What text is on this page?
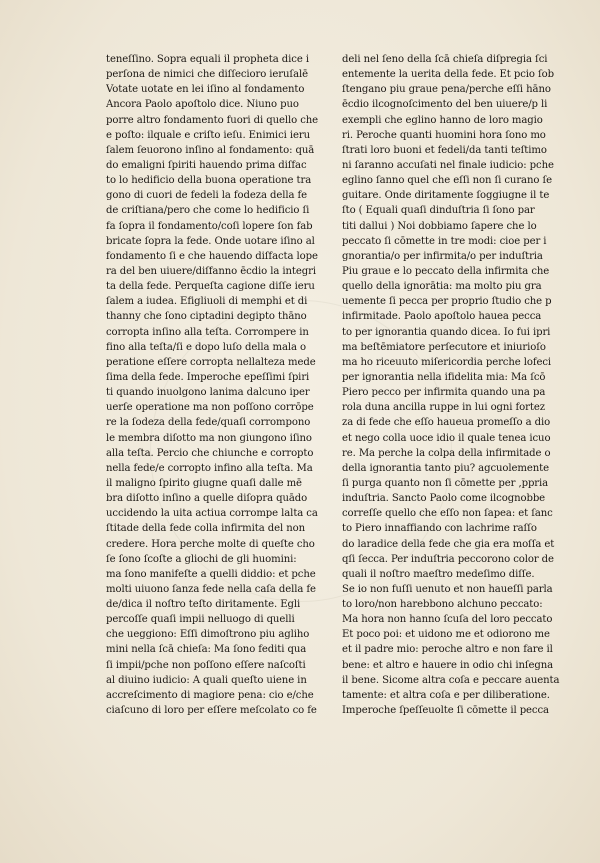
teneſſino. Sopra equali il propheta dice i
perſona de nimici che diſſecioro ieruſalē
Votate uotate en lei iſino al fondamento
Ancora Paolo apoſtolo dice. Niuno puo
porre altro fondamento fuori di quello che
e poſto: ilquale e criſto ieſu. Enimici ieru
ſalem ſeuorono inſino al fondamento: quā
do emaligni ſpiriti hauendo prima diſfac
to lo hedificio della buona operatione tra
gono di cuori de fedeli la fodeza della fe
de criſtiana/pero che come lo hedificio ſi
fa ſopra il fondamento/coſi lopere ſon fab
bricate ſopra la fede. Onde uotare iſino al
fondamento ſi e che hauendo diſfacta lope
ra del ben uiuere/diſfanno ēcdio la integri
ta della fede. Perqueſta cagione diſſe ieru
ſalem a iudea. Efigliuoli di memphi et di
thanny che ſono ciptadini degipto thāno
corropta inſino alla teſta. Corrompere in
fino alla teſta/ſi e dopo luſo della mala o
peratione eſſere corropta nellalteza mede
ſima della fede. Imperoche epeſſimi ſpiri
ti quando inuolgono lanima dalcuno iper
uerſe operatione ma non poſſono corrōpe
re la ſodeza della fede/quaſi corrompono
le membra diſotto ma non giungono iſino
alla teſta. Percio che chiunche e corropto
nella fede/e corropto infino alla teſta. Ma
il maligno ſpirito giugne quaſi dalle mē
bra diſotto inſino a quelle diſopra quādo
uccidendo la uita actiua corrompe lalta ca
ſtitade della fede colla infirmita del non
credere. Hora perche molte di queſte cho
ſe ſono ſcoſte a gliochi de gli huomini:
ma ſono manifeſte a quelli diddio: et pche
molti uiuono ſanza fede nella caſa della fe
de/dica il noſtro teſto diritamente. Egli
percoſſe quaſi impii nelluogo di quelli
che ueggiono: Eſſi dimoſtrono piu agliho
mini nella ſcā chieſa: Ma ſono fediti qua
ſi impii/pche non poſſono eſſere naſcoſti
al diuino iudicio: A quali queſto uiene in
accreſcimento di magiore pena: cio e/che
ciaſcuno di loro per eſſere meſcolato co fe
deli nel ſeno della ſcā chieſa diſpregia ſci
entemente la uerita della fede. Et pcio ſob
ſtengano piu graue pena/perche eſſi hāno
ēcdio ilcognoſcimento del ben uiuere/p li
exempli che eglino hanno de loro magio
ri. Peroche quanti huomini hora ſono mo
ſtrati loro buoni et fedeli/da tanti teſtimo
ni ſaranno accuſati nel finale iudicio: pche
eglino ſanno quel che eſſi non ſi curano ſe
guitare. Onde diritamente ſoggiugne il te
ſto ( Equali quaſi dinduſtria ſi ſono par
titi dallui ) Noi dobbiamo ſapere che lo
peccato ſi cōmette in tre modi: cioe per i
gnorantia/o per infirmita/o per induſtria
Piu graue e lo peccato della infirmita che
quello della ignorātia: ma molto piu gra
uemente ſi pecca per proprio ſtudio che p
infirmitade. Paolo apoſtolo hauea pecca
to per ignorantia quando dicea. Io fui ipri
ma beſtēmiatore perſecutore et iniurioſo
ma ho riceuuto miſericordia perche lofeci
per ignorantia nella ifidelita mia: Ma ſcō
Piero pecco per infirmita quando una pa
rola duna ancilla ruppe in lui ogni fortez
za di fede che eſſo haueua promeſſo a dio
et nego colla uoce idio il quale tenea icuo
re. Ma perche la colpa della infirmitade o
della ignorantia tanto piu? agcuolemente
ſi purga quanto non ſi cōmette per ,ppria
induſtria. Sancto Paolo come ilcognobbe
correſſe quello che eſſo non ſapea: et ſanc
to Piero innaffiando con lachrime raſſo
do laradice della fede che gia era moſſa et
qſi ſecca. Per induſtria peccorono color de
quali il noſtro maeſtro medeſimo diſſe.
Se io non fuſſi uenuto et non haueſſi parla
to loro/non harebbono alchuno peccato:
Ma hora non hanno ſcuſa del loro peccato
Et poco poi: et uidono me et odiorono me
et il padre mio: peroche altro e non fare il
bene: et altro e hauere in odio chi inſegna
il bene. Sicome altra coſa e peccare auenta
tamente: et altra coſa e per diliberatione.
Imperoche ſpeſſeuolte ſi cōmette il pecca
